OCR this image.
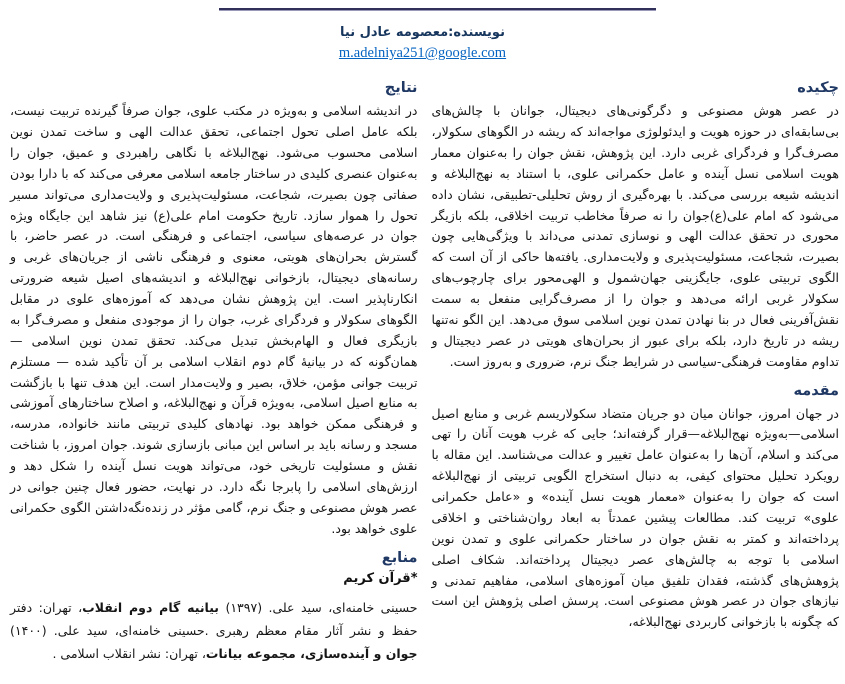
نویسنده:معصومه عادل نیا
m.adelniya251@google.com
چکیده

در عصر هوش مصنوعی و دگرگونی‌های دیجیتال، جوانان با چالش‌های بی‌سابقه‌ای در حوزه هویت و ایدئولوژی مواجه‌اند که ریشه در الگوهای سکولار، مصرف‌گرا و فردگرای غربی دارد. این پژوهش، نقش جوان را به‌عنوان معمار هویت اسلامی نسل آینده و عامل حکمرانی علوی، با استناد به نهج‌البلاغه و اندیشه شیعه بررسی می‌کند. با بهره‌گیری از روش تحلیلی-تطبیقی، نشان داده می‌شود که امام علی(ع)جوان را نه صرفاً مخاطب تربیت اخلاقی، بلکه بازیگر محوری در تحقق عدالت الهی و نوسازی تمدنی می‌داند با ویژگی‌هایی چون بصیرت، شجاعت، مسئولیت‌پذیری و ولایت‌مداری. یافته‌ها حاکی از آن است که الگوی تربیتی علوی، جایگزینی جهان‌شمول و الهی‌محور برای چارچوب‌های سکولار غربی ارائه می‌دهد و جوان را از مصرف‌گرایی منفعل به سمت نقش‌آفرینی فعال در بنا نهادن تمدن نوین اسلامی سوق می‌دهد. این الگو نه‌تنها ریشه در تاریخ دارد، بلکه برای عبور از بحران‌های هویتی در عصر دیجیتال و تداوم مقاومت فرهنگی-سیاسی در شرایط جنگ نرم، ضروری و به‌روز است.

مقدمه

در جهان امروز، جوانان میان دو جریان متضاد سکولاریسم غربی و منابع اصیل اسلامی—به‌ویژه نهج‌البلاغه—قرار گرفته‌اند؛ جایی که غرب هویت آنان را تهی می‌کند و اسلام، آن‌ها را به‌عنوان عامل تغییر و عدالت می‌شناسد. این مقاله با رویکرد تحلیل محتوای کیفی، به دنبال استخراج الگویی تربیتی از نهج‌البلاغه است که جوان را به‌عنوان «معمار هویت نسل آینده» و «عامل حکمرانی علوی» تربیت کند. مطالعات پیشین عمدتاً به ابعاد روان‌شناختی و اخلاقی پرداخته‌اند و کمتر به نقش جوان در ساختار حکمرانی علوی و تمدن نوین اسلامی با توجه به چالش‌های عصر دیجیتال پرداخته‌اند. شکاف اصلی پژوهش‌های گذشته، فقدان تلفیق میان آموزه‌های اسلامی، مفاهیم تمدنی و نیازهای جوان در عصر هوش مصنوعی است. پرسش اصلی پژوهش این است که چگونه با بازخوانی کاربردی نهج‌البلاغه،

نتایج

در اندیشه اسلامی و به‌ویژه در مکتب علوی، جوان صرفاً گیرنده تربیت نیست، بلکه عامل اصلی تحول اجتماعی، تحقق عدالت الهی و ساخت تمدن نوین اسلامی محسوب می‌شود. نهج‌البلاغه با نگاهی راهبردی و عمیق، جوان را به‌عنوان عنصری کلیدی در ساختار جامعه اسلامی معرفی می‌کند که با دارا بودن صفاتی چون بصیرت، شجاعت، مسئولیت‌پذیری و ولایت‌مداری می‌تواند مسیر تحول را هموار سازد. تاریخ حکومت امام علی(ع) نیز شاهد این جایگاه ویژه جوان در عرصه‌های سیاسی، اجتماعی و فرهنگی است. در عصر حاضر، با گسترش بحران‌های هویتی، معنوی و فرهنگی ناشی از جریان‌های غربی و رسانه‌های دیجیتال، بازخوانی نهج‌البلاغه و اندیشه‌های اصیل شیعه ضرورتی انکارناپذیر است. این پژوهش نشان می‌دهد که آموزه‌های علوی در مقابل الگوهای سکولار و فردگرای غرب، جوان را از موجودی منفعل و مصرف‌گرا به بازیگری فعال و الهام‌بخش تبدیل می‌کند. تحقق تمدن نوین اسلامی — همان‌گونه که در بیانیهٔ گام دوم انقلاب اسلامی بر آن تأکید شده — مستلزم تربیت جوانی مؤمن، خلاق، بصیر و ولایت‌مدار است. این هدف تنها با بازگشت به منابع اصیل اسلامی، به‌ویژه قرآن و نهج‌البلاغه، و اصلاح ساختارهای آموزشی و فرهنگی ممکن خواهد بود. نهادهای کلیدی تربیتی مانند خانواده، مدرسه، مسجد و رسانه باید بر اساس این مبانی بازسازی شوند. جوان امروز، با شناخت نقش و مسئولیت تاریخی خود، می‌تواند هویت نسل آینده را شکل دهد و ارزش‌های اسلامی را پابرجا نگه دارد. در نهایت، حضور فعال چنین جوانی در عصر هوش مصنوعی و جنگ نرم، گامی مؤثر در زنده‌نگه‌داشتن الگوی حکمرانی علوی خواهد بود.

منابع

*قرآن کریم

حسینی خامنه‌ای، سید علی. (۱۳۹۷) بیانیه گام دوم انقلاب، تهران: دفتر حفظ و نشر آثار مقام معظم رهبری .حسینی خامنه‌ای، سید علی. (۱۴۰۰) جوان و آینده‌سازی، مجموعه بیانات، تهران: نشر انقلاب اسلامی .
